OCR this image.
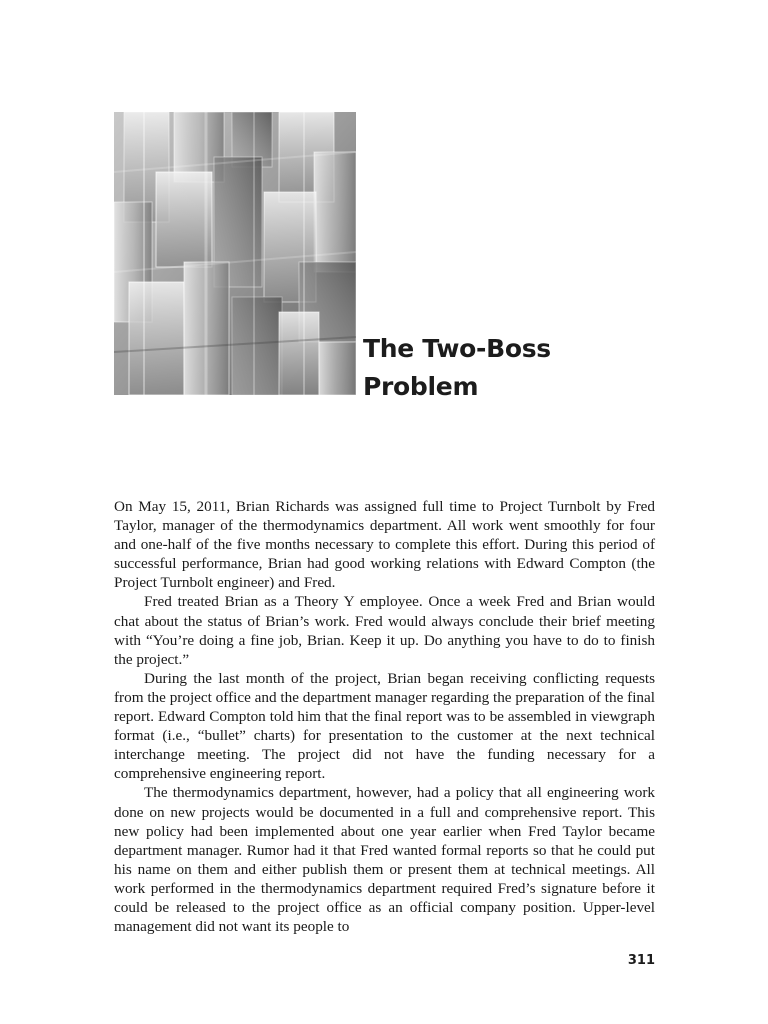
The Two-Boss
Problem

On May 15, 2011, Brian Richards was assigned full time to Project Turnbolt by Fred Taylor, manager of the thermodynamics department. All work went smoothly for four and one-half of the five months necessary to complete this effort. During this period of successful performance, Brian had good working relations with Edward Compton (the Project Turnbolt engineer) and Fred.

Fred treated Brian as a Theory Y employee. Once a week Fred and Brian would chat about the status of Brian’s work. Fred would always conclude their brief meeting with “You’re doing a fine job, Brian. Keep it up. Do anything you have to do to finish the project.”

During the last month of the project, Brian began receiving conflicting requests from the project office and the department manager regarding the preparation of the final report. Edward Compton told him that the final report was to be assembled in viewgraph format (i.e., “bullet” charts) for presentation to the customer at the next technical interchange meeting. The project did not have the funding necessary for a comprehensive engineering report.

The thermodynamics department, however, had a policy that all engineering work done on new projects would be documented in a full and comprehensive report. This new policy had been implemented about one year earlier when Fred Taylor became department manager. Rumor had it that Fred wanted formal reports so that he could put his name on them and either publish them or present them at technical meetings. All work performed in the thermodynamics department required Fred’s signature before it could be released to the project office as an official company position. Upper-level management did not want its people to

311
